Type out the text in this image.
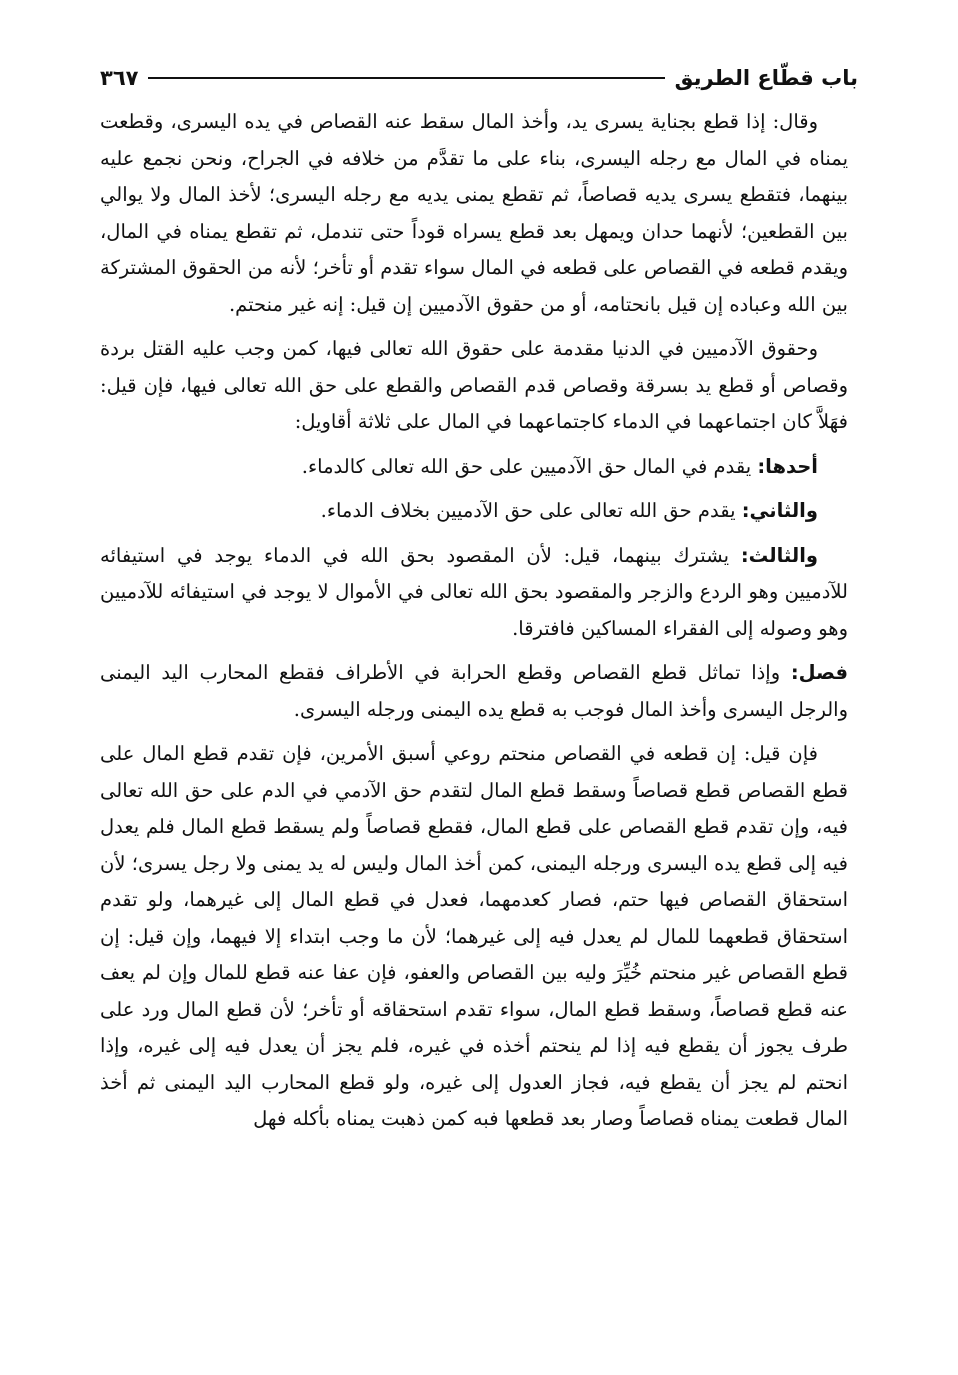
باب قطّاع الطريق
٣٦٧

وقال: إذا قطع بجناية يسرى يد، وأخذ المال سقط عنه القصاص في يده اليسرى، وقطعت يمناه في المال مع رجله اليسرى، بناء على ما تقدَّم من خلافه في الجراح، ونحن نجمع عليه بينهما، فتقطع يسرى يديه قصاصاً، ثم تقطع يمنى يديه مع رجله اليسرى؛ لأخذ المال ولا يوالي بين القطعين؛ لأنهما حدان ويمهل بعد قطع يسراه قوداً حتى تندمل، ثم تقطع يمناه في المال، ويقدم قطعه في القصاص على قطعه في المال سواء تقدم أو تأخر؛ لأنه من الحقوق المشتركة بين الله وعباده إن قيل بانحتامه، أو من حقوق الآدميين إن قيل: إنه غير منحتم.

وحقوق الآدميين في الدنيا مقدمة على حقوق الله تعالى فيها، كمن وجب عليه القتل بردة وقصاص أو قطع يد بسرقة وقصاص قدم القصاص والقطع على حق الله تعالى فيها، فإن قيل: فهَلاَّ كان اجتماعهما في الدماء كاجتماعهما في المال على ثلاثة أقاويل:

أحدها: يقدم في المال حق الآدميين على حق الله تعالى كالدماء.

والثاني: يقدم حق الله تعالى على حق الآدميين بخلاف الدماء.

والثالث: يشترك بينهما، قيل: لأن المقصود بحق الله في الدماء يوجد في استيفائه للآدميين وهو الردع والزجر والمقصود بحق الله تعالى في الأموال لا يوجد في استيفائه للآدميين وهو وصوله إلى الفقراء المساكين فافترقا.

فصل: وإذا تماثل قطع القصاص وقطع الحرابة في الأطراف فقطع المحارب اليد اليمنى والرجل اليسرى وأخذ المال فوجب به قطع يده اليمنى ورجله اليسرى.

فإن قيل: إن قطعه في القصاص منحتم روعي أسبق الأمرين، فإن تقدم قطع المال على قطع القصاص قطع قصاصاً وسقط قطع المال لتقدم حق الآدمي في الدم على حق الله تعالى فيه، وإن تقدم قطع القصاص على قطع المال، فقطع قصاصاً ولم يسقط قطع المال فلم يعدل فيه إلى قطع يده اليسرى ورجله اليمنى، كمن أخذ المال وليس له يد يمنى ولا رجل يسرى؛ لأن استحقاق القصاص فيها حتم، فصار كعدمهما، فعدل في قطع المال إلى غيرهما، ولو تقدم استحقاق قطعهما للمال لم يعدل فيه إلى غيرهما؛ لأن ما وجب ابتداء إلا فيهما، وإن قيل: إن قطع القصاص غير منحتم خُيِّرَ وليه بين القصاص والعفو، فإن عفا عنه قطع للمال وإن لم يعف عنه قطع قصاصاً، وسقط قطع المال، سواء تقدم استحقاقه أو تأخر؛ لأن قطع المال ورد على طرف يجوز أن يقطع فيه إذا لم ينحتم أخذه في غيره، فلم يجز أن يعدل فيه إلى غيره، وإذا انحتم لم يجز أن يقطع فيه، فجاز العدول إلى غيره، ولو قطع المحارب اليد اليمنى ثم أخذ المال قطعت يمناه قصاصاً وصار بعد قطعها فبه كمن ذهبت يمناه بأكله فهل
